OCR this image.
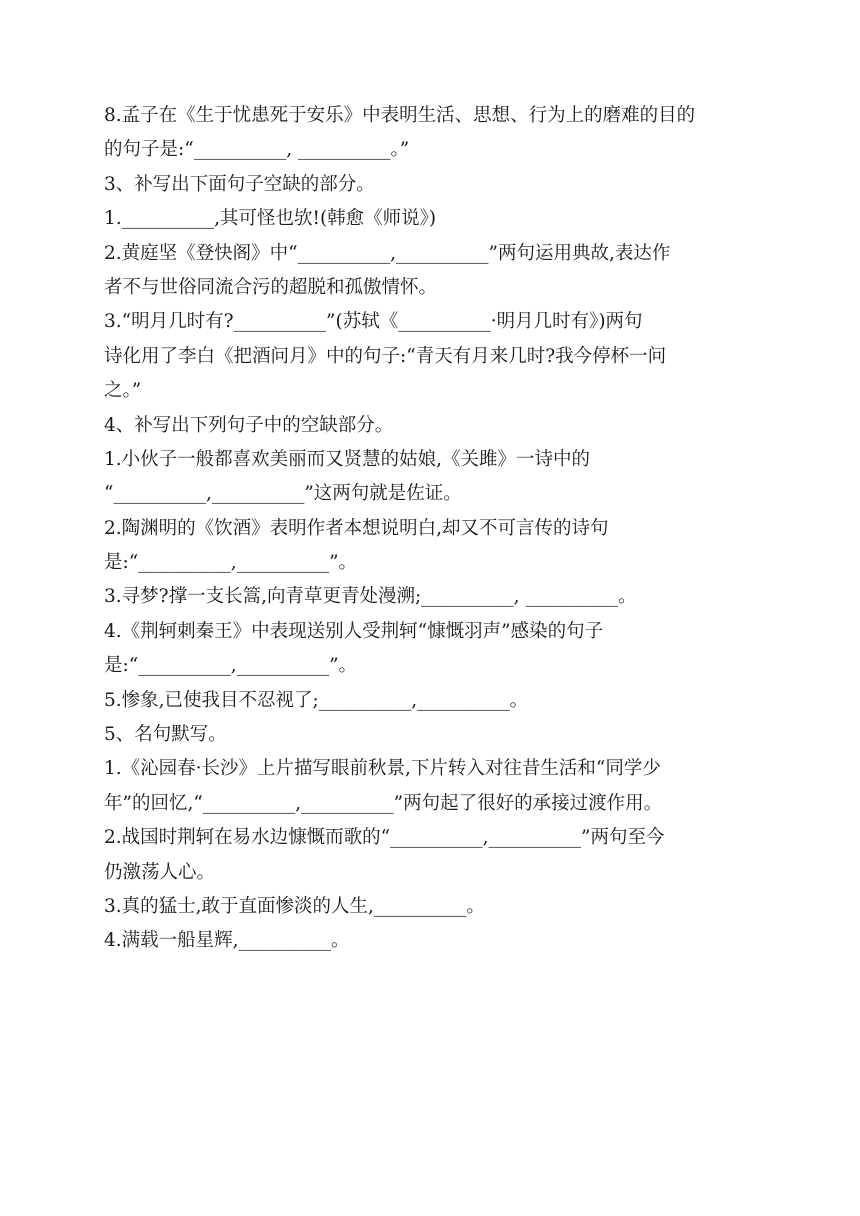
8.孟子在《生于忧患死于安乐》中表明生活、思想、行为上的磨难的目的
的句子是:“__________, __________。”
3、补写出下面句子空缺的部分。
1.__________,其可怪也欤!(韩愈《师说》)
2.黄庭坚《登快阁》中“__________,__________”两句运用典故,表达作
者不与世俗同流合污的超脱和孤傲情怀。
3.“明月几时有?__________”(苏轼《__________·明月几时有》)两句
诗化用了李白《把酒问月》中的句子:“青天有月来几时?我今停杯一问
之。”
4、补写出下列句子中的空缺部分。
1.小伙子一般都喜欢美丽而又贤慧的姑娘,《关雎》一诗中的
“__________,__________”这两句就是佐证。
2.陶渊明的《饮酒》表明作者本想说明白,却又不可言传的诗句
是:“__________,__________”。
3.寻梦?撑一支长篙,向青草更青处漫溯;__________, __________。
4.《荆轲刺秦王》中表现送别人受荆轲“慷慨羽声”感染的句子
是:“__________,__________”。
5.惨象,已使我目不忍视了;__________,__________。
5、名句默写。
1.《沁园春·长沙》上片描写眼前秋景,下片转入对往昔生活和“同学少
年”的回忆,“__________,__________”两句起了很好的承接过渡作用。
2.战国时荆轲在易水边慷慨而歌的“__________,__________”两句至今
仍激荡人心。
3.真的猛士,敢于直面惨淡的人生,__________。
4.满载一船星辉,__________。
